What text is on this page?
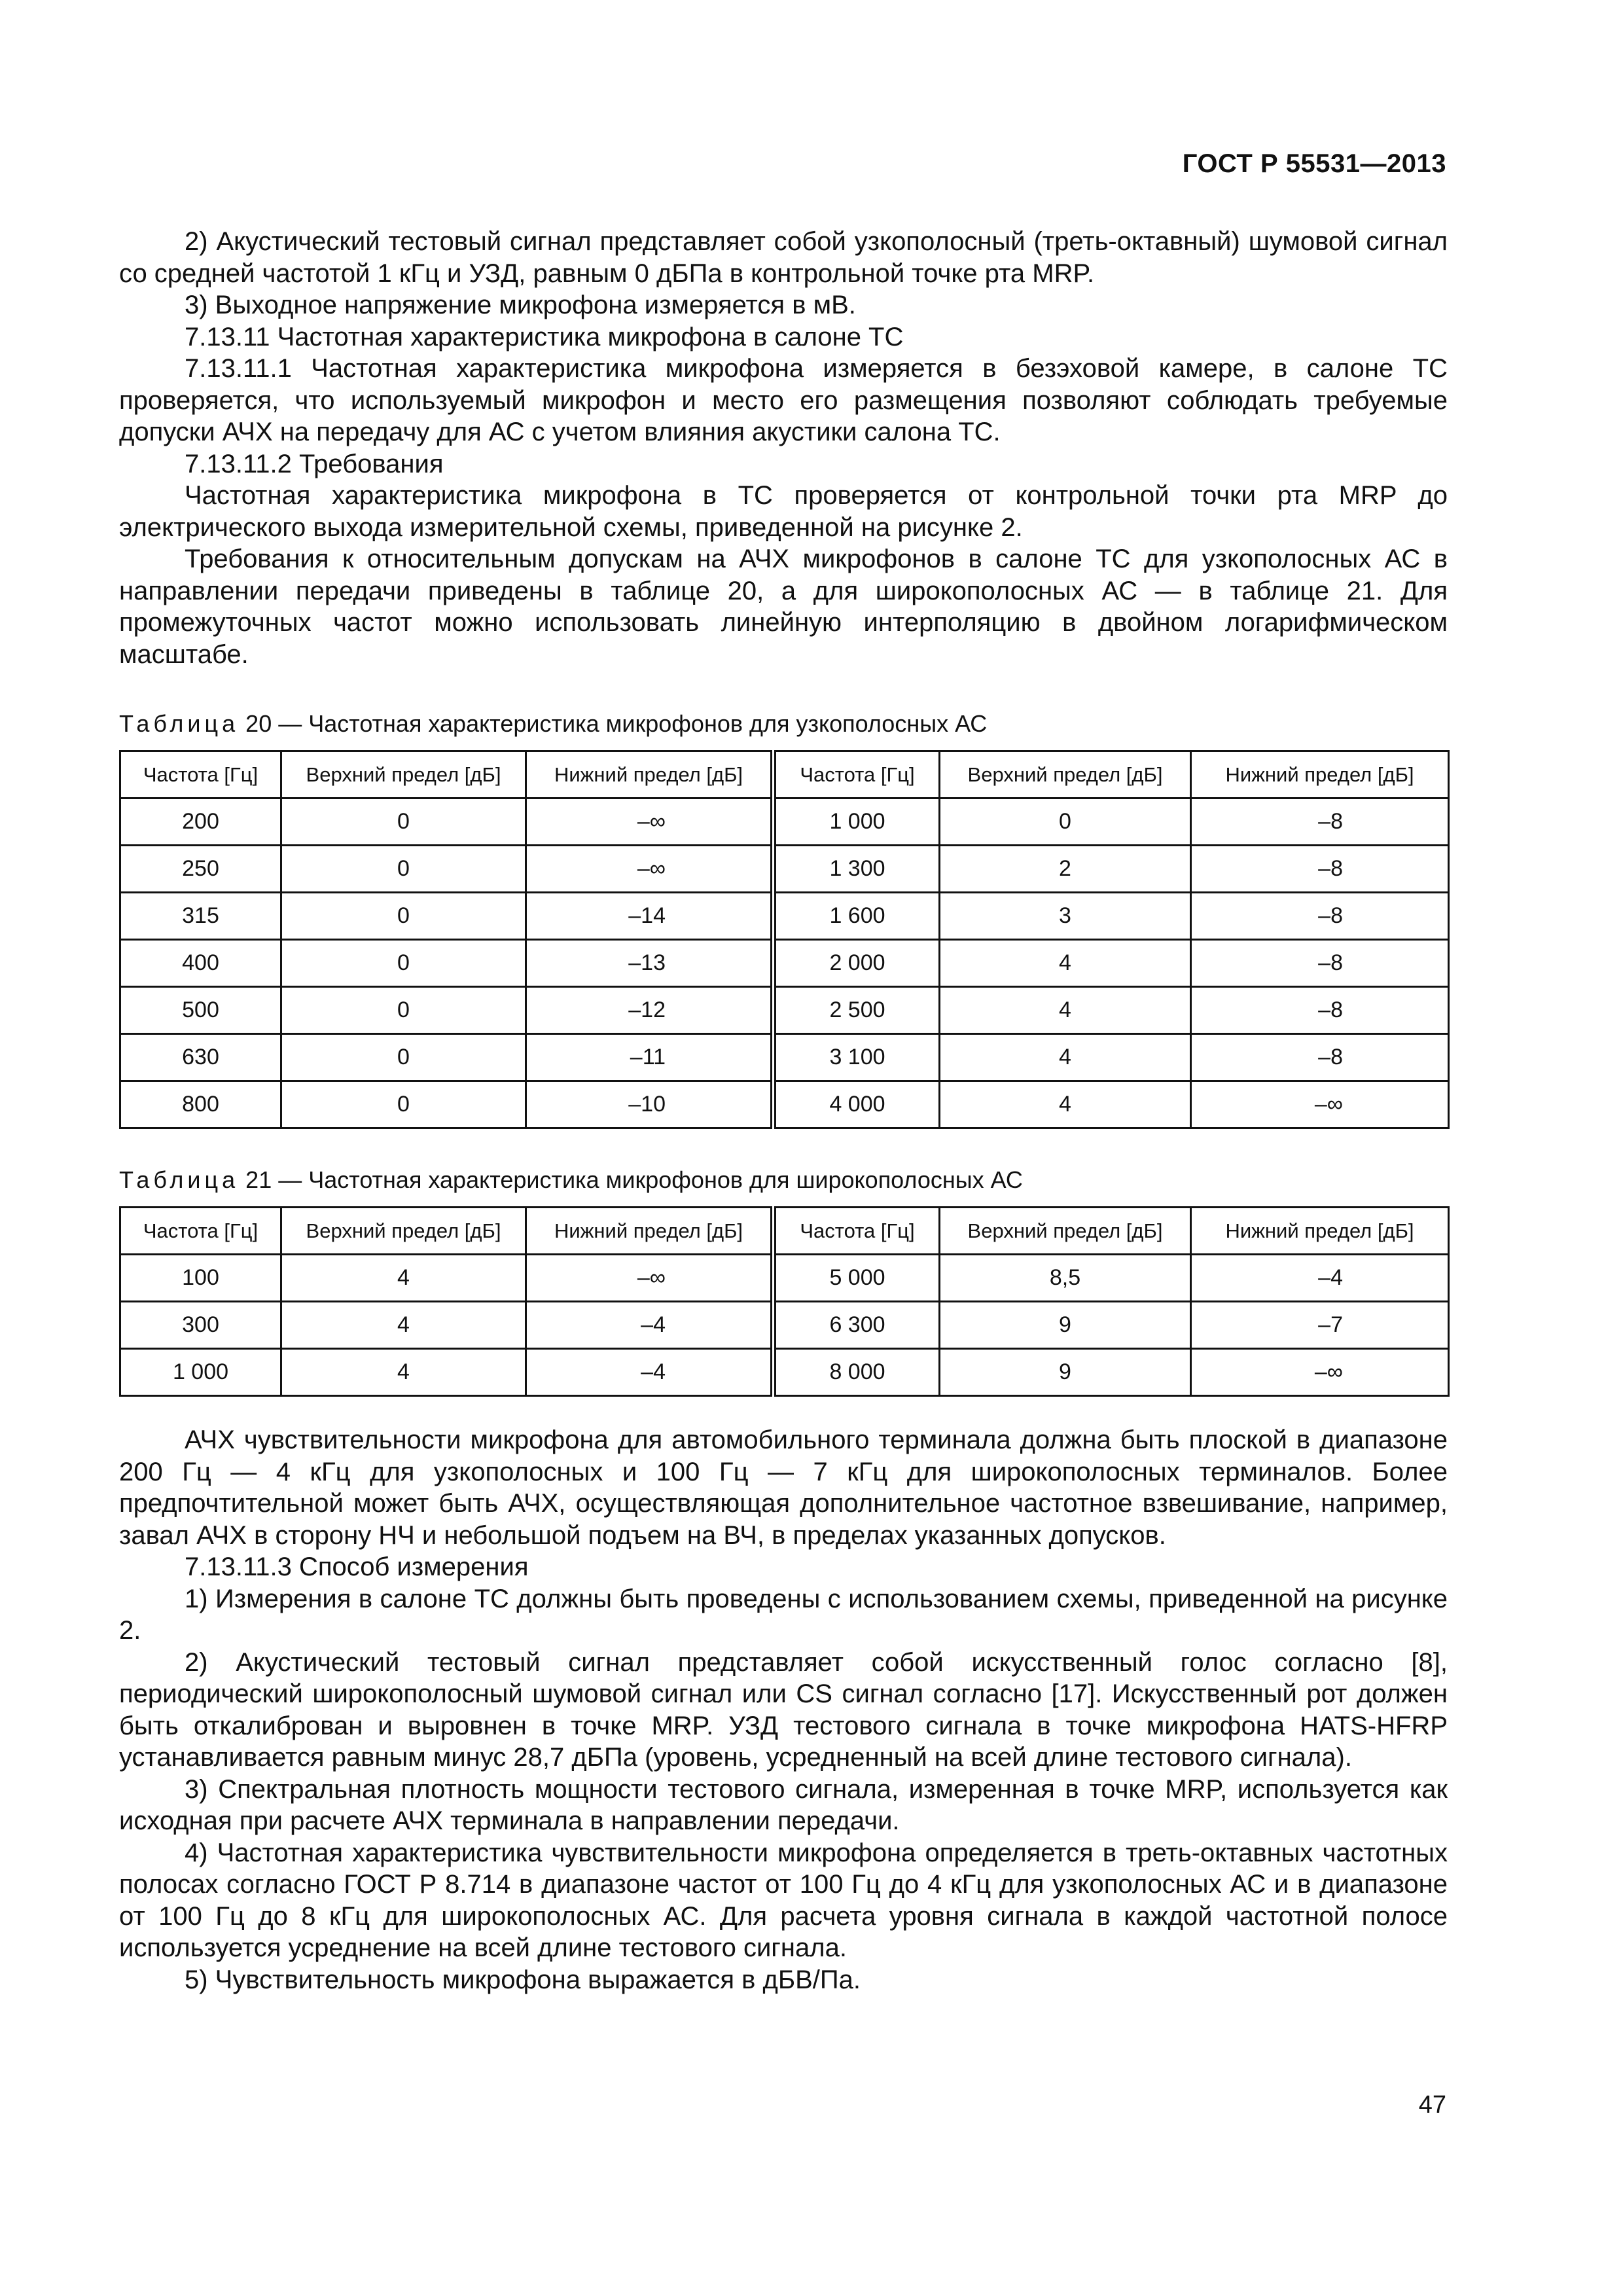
ГОСТ Р 55531—2013

2) Акустический тестовый сигнал представляет собой узкополосный (треть-октавный) шумовой сигнал со средней частотой 1 кГц и УЗД, равным 0 дБПа в контрольной точке рта MRP.

3) Выходное напряжение микрофона измеряется в мВ.

7.13.11 Частотная характеристика микрофона в салоне ТС

7.13.11.1 Частотная характеристика микрофона измеряется в безэховой камере, в салоне ТС проверяется, что используемый микрофон и место его размещения позволяют соблюдать требуемые допуски АЧХ на передачу для АС с учетом влияния акустики салона ТС.

7.13.11.2 Требования

Частотная характеристика микрофона в ТС проверяется от контрольной точки рта MRP до электрического выхода измерительной схемы, приведенной на рисунке 2.

Требования к относительным допускам на АЧХ микрофонов в салоне ТС для узкополосных АС в направлении передачи приведены в таблице 20, а для широкополосных АС — в таблице 21. Для промежуточных частот можно использовать линейную интерполяцию в двойном логарифмическом масштабе.

Таблица 20 — Частотная характеристика микрофонов для узкополосных АС
Частота [Гц]	Верхний предел [дБ]	Нижний предел [дБ]	Частота [Гц]	Верхний предел [дБ]	Нижний предел [дБ]
200	0	–∞	1 000	0	–8
250	0	–∞	1 300	2	–8
315	0	–14	1 600	3	–8
400	0	–13	2 000	4	–8
500	0	–12	2 500	4	–8
630	0	–11	3 100	4	–8
800	0	–10	4 000	4	–∞
Таблица 21 — Частотная характеристика микрофонов для широкополосных АС
Частота [Гц]	Верхний предел [дБ]	Нижний предел [дБ]	Частота [Гц]	Верхний предел [дБ]	Нижний предел [дБ]
100	4	–∞	5 000	8,5	–4
300	4	–4	6 300	9	–7
1 000	4	–4	8 000	9	–∞

АЧХ чувствительности микрофона для автомобильного терминала должна быть плоской в диапазоне 200 Гц — 4 кГц для узкополосных и 100 Гц — 7 кГц для широкополосных терминалов. Более предпочтительной может быть АЧХ, осуществляющая дополнительное частотное взвешивание, например, завал АЧХ в сторону НЧ и небольшой подъем на ВЧ, в пределах указанных допусков.

7.13.11.3 Способ измерения

1) Измерения в салоне ТС должны быть проведены с использованием схемы, приведенной на рисунке 2.

2) Акустический тестовый сигнал представляет собой искусственный голос согласно [8], периодический широкополосный шумовой сигнал или CS сигнал согласно [17]. Искусственный рот должен быть откалиброван и выровнен в точке MRP. УЗД тестового сигнала в точке микрофона HATS-HFRP устанавливается равным минус 28,7 дБПа (уровень, усредненный на всей длине тестового сигнала).

3) Спектральная плотность мощности тестового сигнала, измеренная в точке MRP, используется как исходная при расчете АЧХ терминала в направлении передачи.

4) Частотная характеристика чувствительности микрофона определяется в треть-октавных частотных полосах согласно ГОСТ Р 8.714 в диапазоне частот от 100 Гц до 4 кГц для узкополосных АС и в диапазоне от 100 Гц до 8 кГц для широкополосных АС. Для расчета уровня сигнала в каждой частотной полосе используется усреднение на всей длине тестового сигнала.

5) Чувствительность микрофона выражается в дБВ/Па.

47
